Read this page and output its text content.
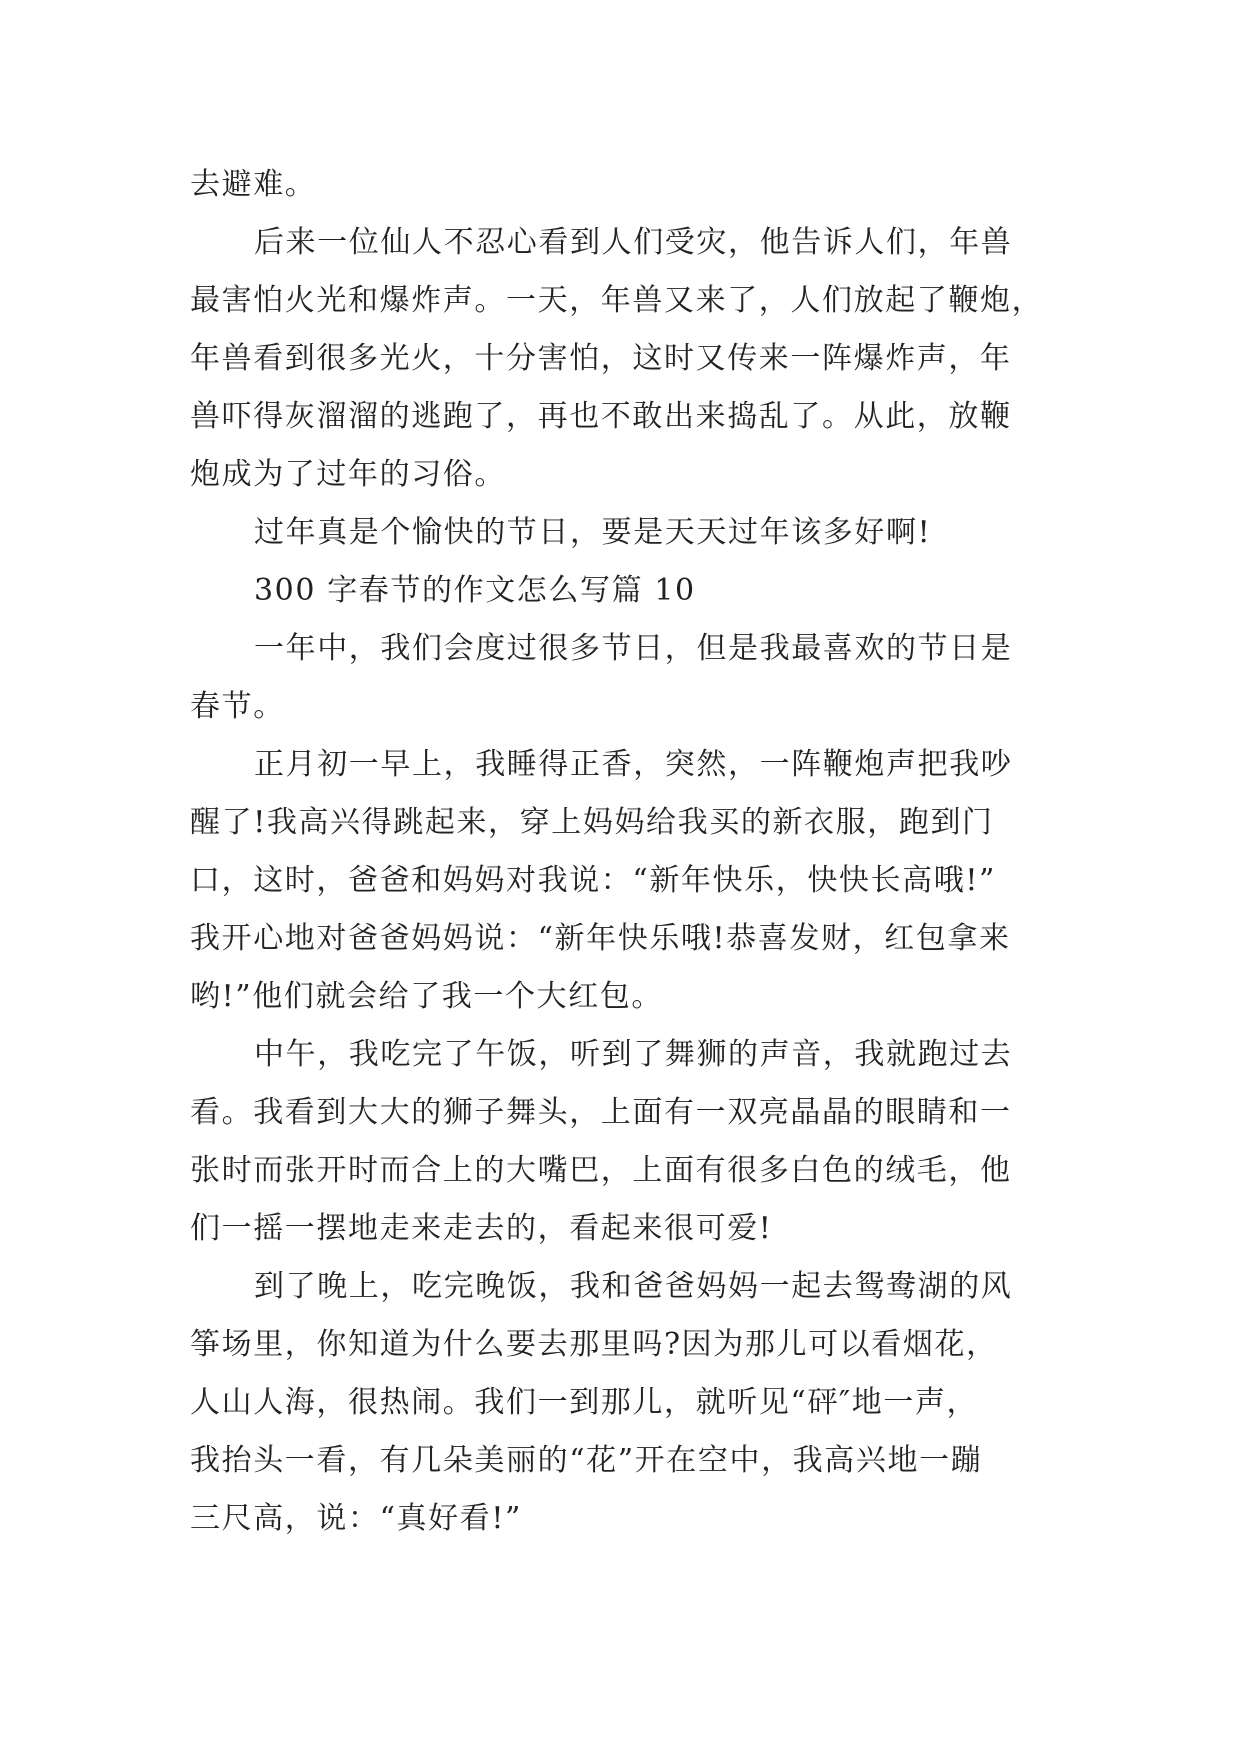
去避难。
后来一位仙人不忍心看到人们受灾，他告诉人们，年兽
最害怕火光和爆炸声。一天，年兽又来了，人们放起了鞭炮，
年兽看到很多光火，十分害怕，这时又传来一阵爆炸声，年
兽吓得灰溜溜的逃跑了，再也不敢出来捣乱了。从此，放鞭
炮成为了过年的习俗。
过年真是个愉快的节日，要是天天过年该多好啊!
300 字春节的作文怎么写篇 10
一年中，我们会度过很多节日，但是我最喜欢的节日是
春节。
正月初一早上，我睡得正香，突然，一阵鞭炮声把我吵
醒了!我高兴得跳起来，穿上妈妈给我买的新衣服，跑到门
口，这时，爸爸和妈妈对我说：“新年快乐，快快长高哦!”
我开心地对爸爸妈妈说：“新年快乐哦!恭喜发财，红包拿来
哟!”他们就会给了我一个大红包。
中午，我吃完了午饭，听到了舞狮的声音，我就跑过去
看。我看到大大的狮子舞头，上面有一双亮晶晶的眼睛和一
张时而张开时而合上的大嘴巴，上面有很多白色的绒毛，他
们一摇一摆地走来走去的，看起来很可爱!
到了晚上，吃完晚饭，我和爸爸妈妈一起去鸳鸯湖的风
筝场里，你知道为什么要去那里吗?因为那儿可以看烟花，
人山人海，很热闹。我们一到那儿，就听见“砰″地一声，
我抬头一看，有几朵美丽的“花”开在空中，我高兴地一蹦
三尺高，说：“真好看!”
